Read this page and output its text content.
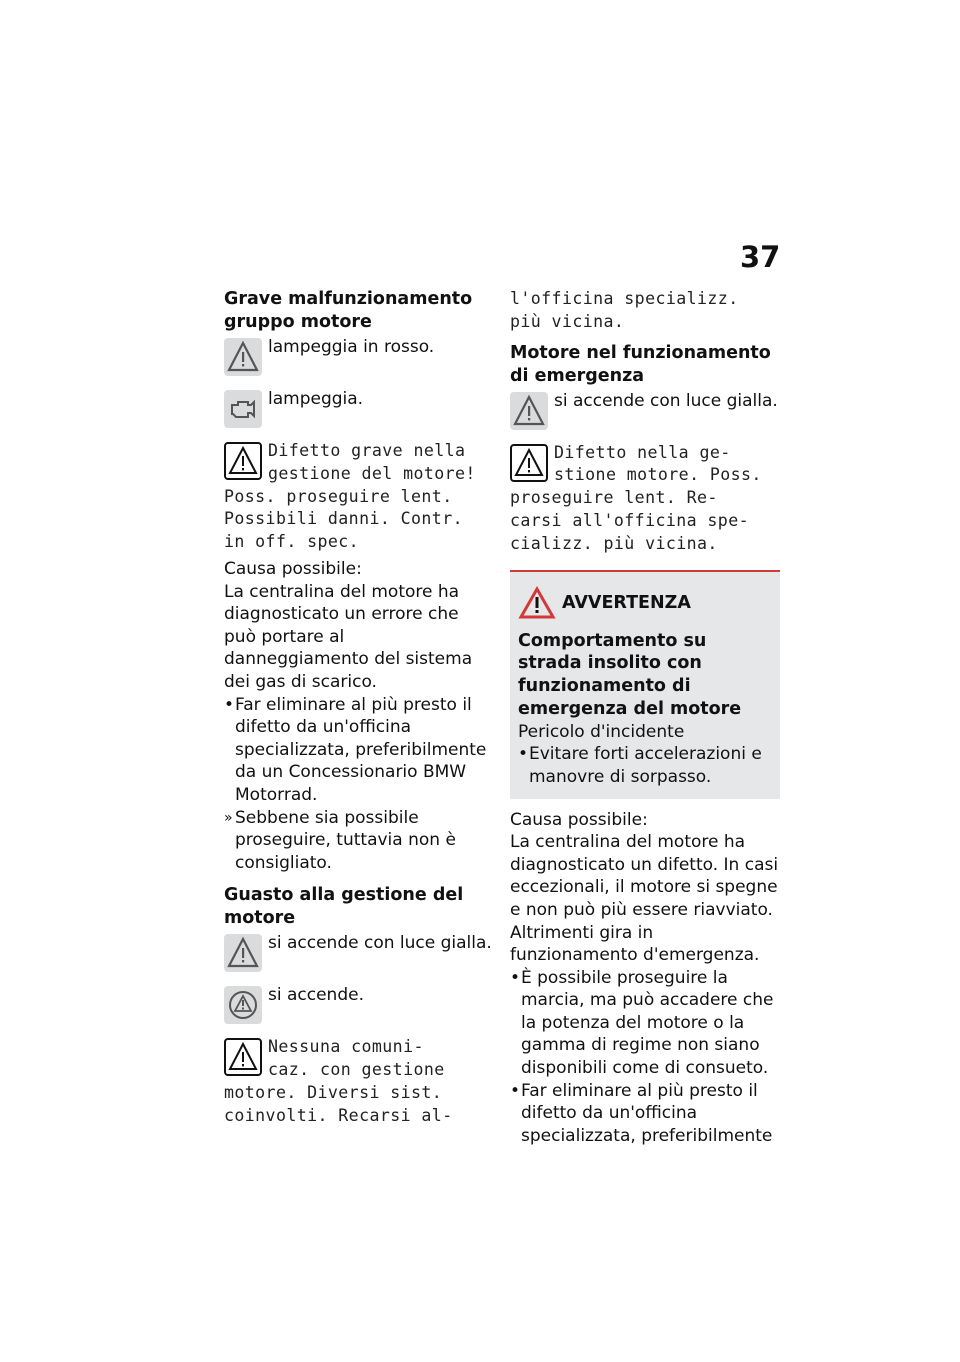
37

Grave malfunzionamento gruppo motore

lampeggia in rosso.

lampeggia.

Difetto grave nella

gestione del motore!

Poss. proseguire lent.

Possibili danni. Contr.

in off. spec.

Causa possibile:

La centralina del motore ha diagnosticato un errore che può portare al danneggiamento del sistema dei gas di scarico.

• Far eliminare al più presto il difetto da un'officina specializzata, preferibilmente da un Concessionario BMW Motorrad.
» Sebbene sia possibile proseguire, tuttavia non è consigliato.

Guasto alla gestione del motore

si accende con luce gialla.

si accende.

Nessuna comuni-

caz. con gestione

motore. Diversi sist.

coinvolti. Recarsi al-

l'officina specializz.

più vicina.

Motore nel funzionamento di emergenza

si accende con luce gialla.

Difetto nella ge-

stione motore. Poss.

proseguire lent. Re-

carsi all'officina spe-

cializz. più vicina.

AVVERTENZA
Comportamento su strada insolito con funzionamento di emergenza del motore

Pericolo d'incidente

• Evitare forti accelerazioni e manovre di sorpasso.

Causa possibile:

La centralina del motore ha diagnosticato un difetto. In casi eccezionali, il motore si spegne e non può più essere riavviato. Altrimenti gira in funzionamento d'emergenza.

• È possibile proseguire la marcia, ma può accadere che la potenza del motore o la gamma di regime non siano disponibili come di consueto.
• Far eliminare al più presto il difetto da un'officina specializzata, preferibilmente
